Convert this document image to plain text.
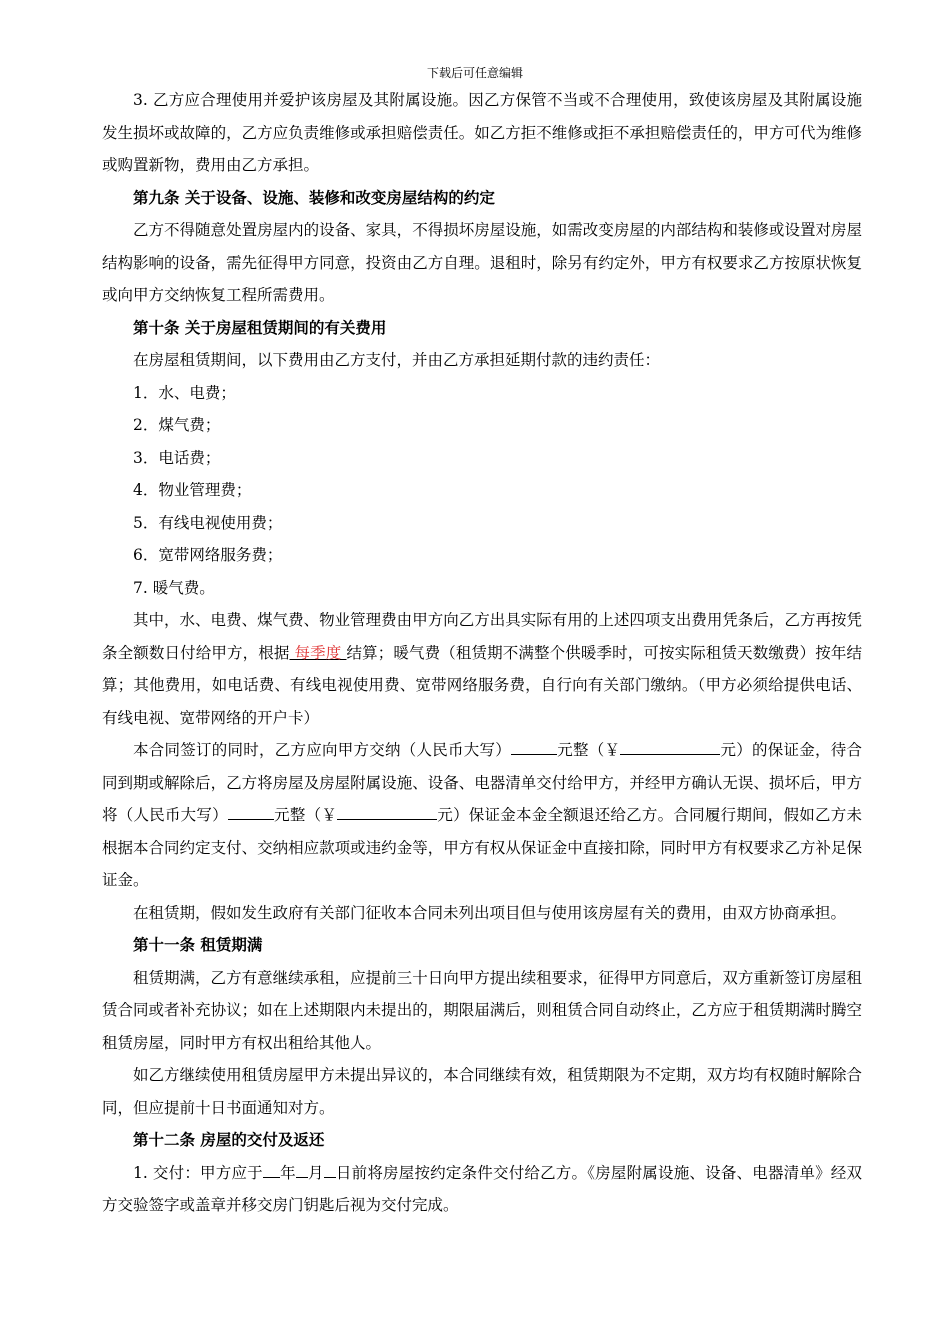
下载后可任意编辑

3. 乙方应合理使用并爱护该房屋及其附属设施。因乙方保管不当或不合理使用，致使该房屋及其附属设施发生损坏或故障的，乙方应负责维修或承担赔偿责任。如乙方拒不维修或拒不承担赔偿责任的，甲方可代为维修或购置新物，费用由乙方承担。

第九条 关于设备、设施、装修和改变房屋结构的约定

乙方不得随意处置房屋内的设备、家具，不得损坏房屋设施，如需改变房屋的内部结构和装修或设置对房屋结构影响的设备，需先征得甲方同意，投资由乙方自理。退租时，除另有约定外，甲方有权要求乙方按原状恢复或向甲方交纳恢复工程所需费用。

第十条 关于房屋租赁期间的有关费用

在房屋租赁期间，以下费用由乙方支付，并由乙方承担延期付款的违约责任：

1．水、电费；

2．煤气费；

3．电话费；

4．物业管理费；

5．有线电视使用费；

6．宽带网络服务费；

7. 暖气费。

其中，水、电费、煤气费、物业管理费由甲方向乙方出具实际有用的上述四项支出费用凭条后，乙方再按凭条全额数日付给甲方，根据 每季度 结算；暖气费（租赁期不满整个供暖季时，可按实际租赁天数缴费）按年结算；其他费用，如电话费、有线电视使用费、宽带网络服务费，自行向有关部门缴纳。（甲方必须给提供电话、有线电视、宽带网络的开户卡）

本合同签订的同时，乙方应向甲方交纳（人民币大写）	元整（￥	元）的保证金，待合同到期或解除后，乙方将房屋及房屋附属设施、设备、电器清单交付给甲方，并经甲方确认无误、损坏后，甲方将（人民币大写）	元整（￥	元）保证金本金全额退还给乙方。合同履行期间，假如乙方未根据本合同约定支付、交纳相应款项或违约金等，甲方有权从保证金中直接扣除，同时甲方有权要求乙方补足保证金。

在租赁期，假如发生政府有关部门征收本合同未列出项目但与使用该房屋有关的费用，由双方协商承担。

第十一条 租赁期满

租赁期满，乙方有意继续承租，应提前三十日向甲方提出续租要求，征得甲方同意后，双方重新签订房屋租赁合同或者补充协议；如在上述期限内未提出的，期限届满后，则租赁合同自动终止，乙方应于租赁期满时腾空租赁房屋，同时甲方有权出租给其他人。

如乙方继续使用租赁房屋甲方未提出异议的，本合同继续有效，租赁期限为不定期，双方均有权随时解除合同，但应提前十日书面通知对方。

第十二条 房屋的交付及返还

1. 交付：甲方应于 年 月 日前将房屋按约定条件交付给乙方。《房屋附属设施、设备、电器清单》经双方交验签字或盖章并移交房门钥匙后视为交付完成。
